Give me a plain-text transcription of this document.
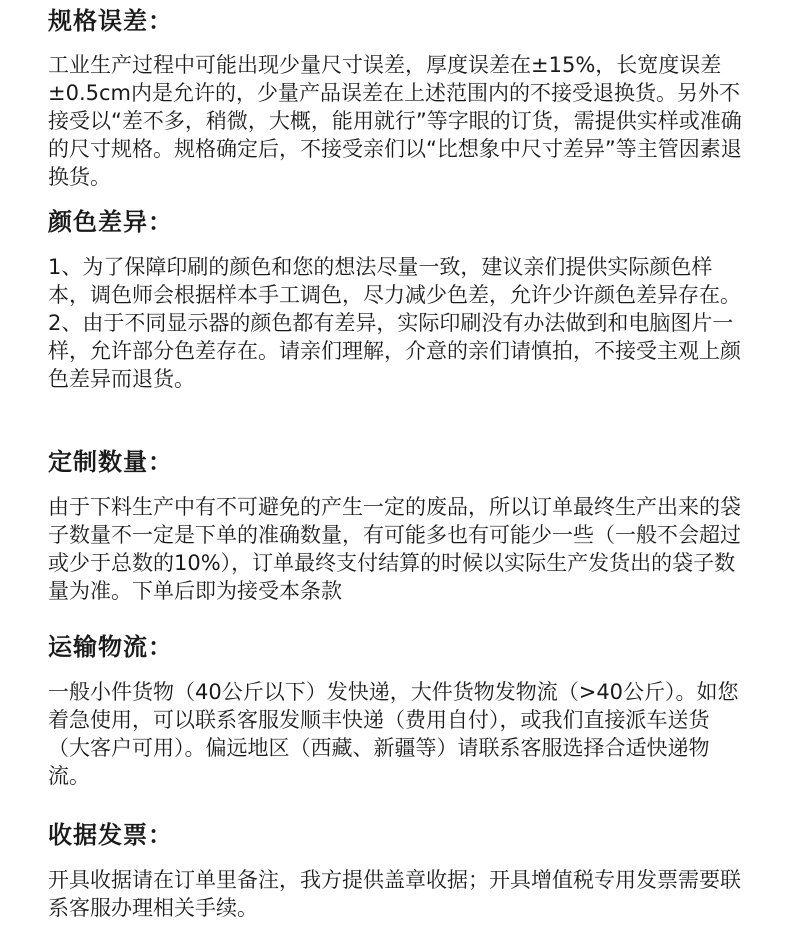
规格误差：

工业生产过程中可能出现少量尺寸误差，厚度误差在±15%，长宽度误差±0.5cm内是允许的，少量产品误差在上述范围内的不接受退换货。另外不接受以“差不多，稍微，大概，能用就行”等字眼的订货，需提供实样或准确的尺寸规格。规格确定后，不接受亲们以“比想象中尺寸差异”等主管因素退换货。

颜色差异：

1、为了保障印刷的颜色和您的想法尽量一致，建议亲们提供实际颜色样本，调色师会根据样本手工调色，尽力减少色差，允许少许颜色差异存在。

2、由于不同显示器的颜色都有差异，实际印刷没有办法做到和电脑图片一样，允许部分色差存在。请亲们理解，介意的亲们请慎拍，不接受主观上颜色差异而退货。

定制数量：

由于下料生产中有不可避免的产生一定的废品，所以订单最终生产出来的袋子数量不一定是下单的准确数量，有可能多也有可能少一些（一般不会超过或少于总数的10%），订单最终支付结算的时候以实际生产发货出的袋子数量为准。下单后即为接受本条款

运输物流：

一般小件货物（40公斤以下）发快递，大件货物发物流（>40公斤）。如您着急使用，可以联系客服发顺丰快递（费用自付），或我们直接派车送货（大客户可用）。偏远地区（西藏、新疆等）请联系客服选择合适快递物流。

收据发票：

开具收据请在订单里备注，我方提供盖章收据；开具增值税专用发票需要联系客服办理相关手续。
